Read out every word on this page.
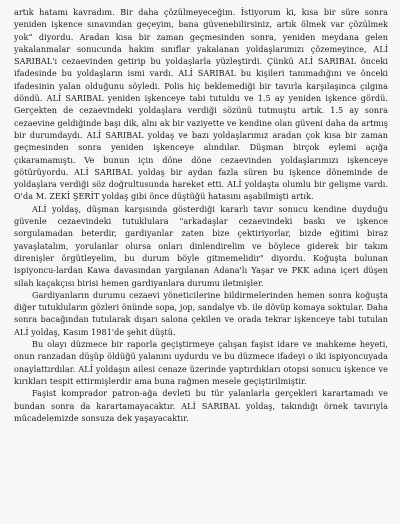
artık hatamı kavradım. Bir daha çözülmeyeceğim. İstiyorum ki, kısa bir süre sonra yeniden işkence sınavından geçeyim, bana güvenebilirsiniz, artık ölmek var çözülmek yok” diyordu. Aradan kısa bir zaman geçmesinden sonra, yeniden meydana gelen yakalanmalar sonucunda hakim sınıflar yakalanan yoldaşlarımızı çözemeyince, ALİ SARIBAL'ı cezaevinden getirip bu yoldaşlarla yüzleştirdi. Çünkü ALİ SARIBAL önceki ifadesinde bu yoldaşların ismi vardı. ALİ SARIBAL bu kişileri tanımadığını ve önceki ifadesinin yalan olduğunu söyledi. Polis hiç beklemediği bir tavırla karşılaşınca çılgına döndü. ALİ SARIBAL yeniden işkenceye tabi tutuldu ve 1.5 ay yeniden işkence gördü. Gerçekten de cezaevindeki yoldaşlara verdiği sözünü tutmuştu artık. 1.5 ay sonra cezaevine geldiğinde başı dik, alnı ak bir vaziyette ve kendine olan güveni daha da artmış bir durumdaydı. ALİ SARIBAL yoldaş ve bazı yoldaşlarımız aradan çok kısa bir zaman geçmesinden sonra yeniden işkenceye alındılar. Düşman birçok eylemi açığa çıkaramamıştı. Ve bunun için döne döne cezaevinden yoldaşlarımızı işkenceye götürüyordu. ALİ SARIBAL yoldaş bir aydan fazla süren bu işkence döneminde de yoldaşlara verdiği söz doğrultusunda hareket etti. ALİ yoldaşta olumlu bir gelişme vardı. O'da M. ZEKİ ŞERİT yoldaş gibi önce düştüğü hatasını aşabilmişti artık.

ALİ yoldaş, düşman karşısında gösterdiği kararlı tavır sonucu kendine duyduğu güvenle cezaevindeki tutuklulara "arkadaşlar cezaevindeki baskı ve işkence sorgulamadan beterdir, gardiyanlar zaten bize çektiriyorlar, bizde eğitimi biraz yavaşlatalım, yorulanlar olursa onları dinlendirelim ve böylece giderek bir takım direnişler örgütleyelim, bu durum böyle gitmemelidir" diyordu. Koğuşta bulunan ispiyoncu-lardan Kawa davasından yargılanan Adana'lı Yaşar ve PKK adına içeri düşen silah kaçakçısı birisi hemen gardiyanlara durumu iletmişler.

Gardiyanların durumu cezaevi yöneticilerine bildirmelerinden hemen sonra koğuşta diğer tutukluların gözleri önünde sopa, jop, sandalye vb. ile dövüp komaya soktular. Daha sonra bacağından tutularak dışarı salona çekilen ve orada tekrar işkenceye tabi tutulan ALİ yoldaş, Kasım 1981'de şehit düştü.

Bu olayı düzmece bir raporla geçiştirmeye çalışan faşist idare ve mahkeme heyeti, onun ranzadan düşüp öldüğü yalanını uydurdu ve bu düzmece ifadeyi o iki ispiyoncuyada onaylattırdılar. ALİ yoldaşın ailesi cenaze üzerinde yaptırdıkları otopsi sonucu işkence ve kırıkları tespit ettirmişlerdir ama buna rağmen mesele geçiştirilmiştir.

Faşist komprador patron-ağa devleti bu tür yalanlarla gerçekleri karartamadı ve bundan sonra da karartamayacaktır. ALİ SARIBAL yoldaş, takındığı örnek tavırıyla mücadelemizde sonsuza dek yaşayacaktır.
